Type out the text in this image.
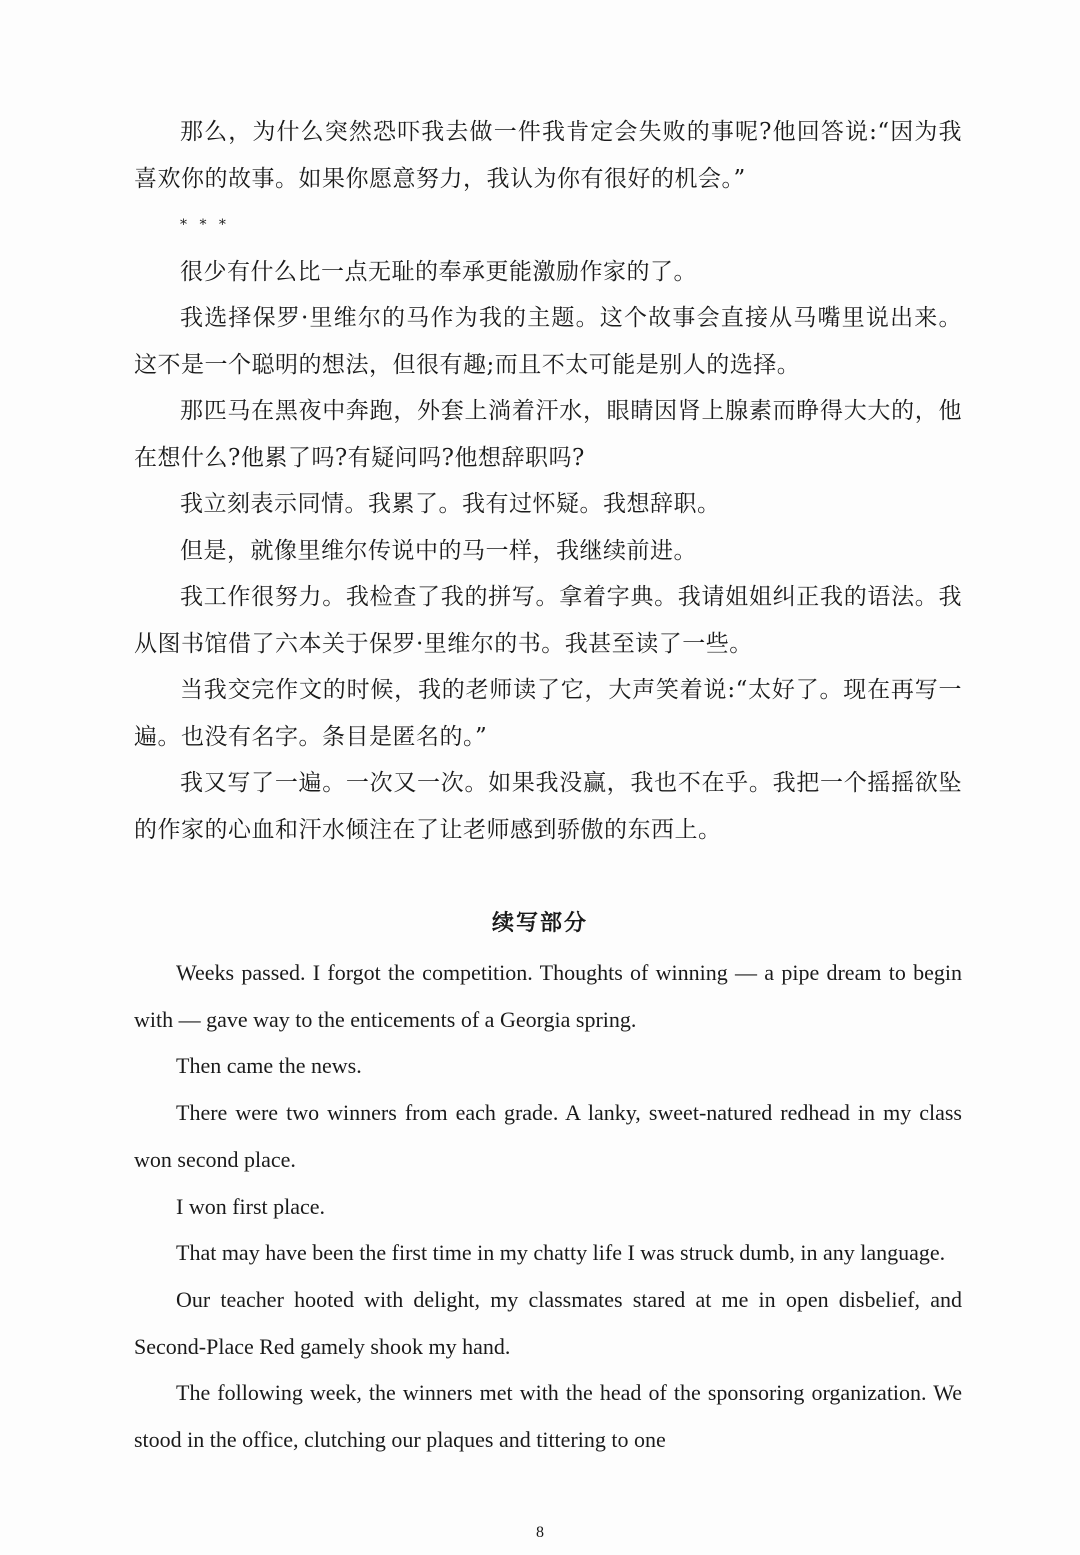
那么，为什么突然恐吓我去做一件我肯定会失败的事呢?他回答说:“因为我喜欢你的故事。如果你愿意努力，我认为你有很好的机会。”

* * *

很少有什么比一点无耻的奉承更能激励作家的了。

我选择保罗·里维尔的马作为我的主题。这个故事会直接从马嘴里说出来。这不是一个聪明的想法，但很有趣;而且不太可能是别人的选择。

那匹马在黑夜中奔跑，外套上淌着汗水，眼睛因肾上腺素而睁得大大的，他在想什么?他累了吗?有疑问吗?他想辞职吗?

我立刻表示同情。我累了。我有过怀疑。我想辞职。

但是，就像里维尔传说中的马一样，我继续前进。

我工作很努力。我检查了我的拼写。拿着字典。我请姐姐纠正我的语法。我从图书馆借了六本关于保罗·里维尔的书。我甚至读了一些。

当我交完作文的时候，我的老师读了它，大声笑着说:“太好了。现在再写一遍。也没有名字。条目是匿名的。”

我又写了一遍。一次又一次。如果我没赢，我也不在乎。我把一个摇摇欲坠的作家的心血和汗水倾注在了让老师感到骄傲的东西上。

续写部分

Weeks passed. I forgot the competition. Thoughts of winning — a pipe dream to begin with — gave way to the enticements of a Georgia spring.

Then came the news.

There were two winners from each grade. A lanky, sweet-natured redhead in my class won second place.

I won first place.

That may have been the first time in my chatty life I was struck dumb, in any language.

Our teacher hooted with delight, my classmates stared at me in open disbelief, and Second-Place Red gamely shook my hand.

The following week, the winners met with the head of the sponsoring organization. We stood in the office, clutching our plaques and tittering to one

8
